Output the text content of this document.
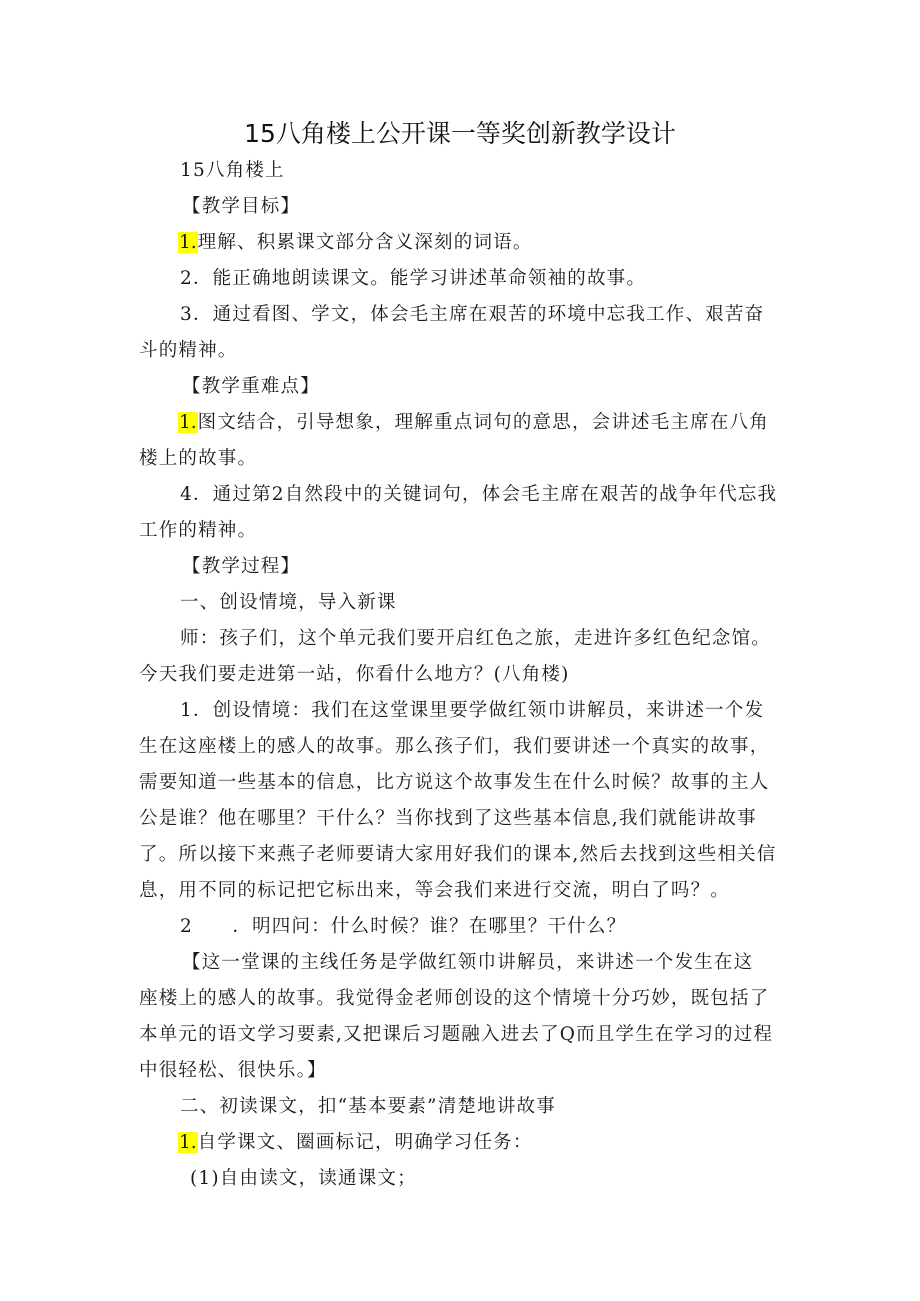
15八角楼上公开课一等奖创新教学设计
15八角楼上
【教学目标】
1.理解、积累课文部分含义深刻的词语。
2．能正确地朗读课文。能学习讲述革命领袖的故事。
3．通过看图、学文，体会毛主席在艰苦的环境中忘我工作、艰苦奋
斗的精神。
【教学重难点】
1.图文结合，引导想象，理解重点词句的意思，会讲述毛主席在八角
楼上的故事。
4．通过第2自然段中的关键词句，体会毛主席在艰苦的战争年代忘我
工作的精神。
【教学过程】
一、创设情境，导入新课
师：孩子们，这个单元我们要开启红色之旅，走进许多红色纪念馆。
今天我们要走进第一站，你看什么地方？(八角楼)
1．创设情境：我们在这堂课里要学做红领巾讲解员，来讲述一个发
生在这座楼上的感人的故事。那么孩子们，我们要讲述一个真实的故事，
需要知道一些基本的信息，比方说这个故事发生在什么时候？故事的主人
公是谁？他在哪里？干什么？当你找到了这些基本信息,我们就能讲故事
了。所以接下来燕子老师要请大家用好我们的课本,然后去找到这些相关信
息，用不同的标记把它标出来，等会我们来进行交流，明白了吗？。
2　　．明四问：什么时候？谁？在哪里？干什么？
【这一堂课的主线任务是学做红领巾讲解员，来讲述一个发生在这
座楼上的感人的故事。我觉得金老师创设的这个情境十分巧妙，既包括了
本单元的语文学习要素,又把课后习题融入进去了Q而且学生在学习的过程
中很轻松、很快乐。】
二、初读课文，扣“基本要素”清楚地讲故事
1.自学课文、圈画标记，明确学习任务：
(1)自由读文，读通课文；
